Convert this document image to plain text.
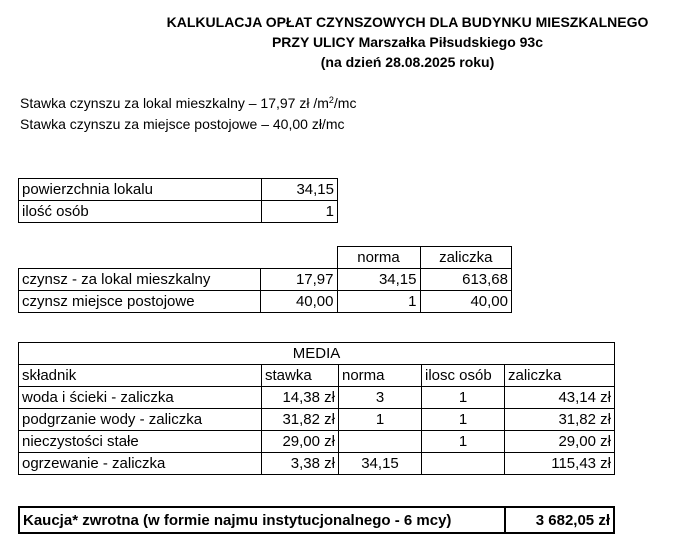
KALKULACJA OPŁAT CZYNSZOWYCH DLA BUDYNKU MIESZKALNEGO
PRZY ULICY Marszałka Piłsudskiego 93c
(na dzień 28.08.2025 roku)
Stawka czynszu za lokal mieszkalny – 17,97 zł $/m^2/mc$
Stawka czynszu za miejsce postojowe – 40,00 zł/mc
powierzchnia lokalu	34,15
ilość osób	1
		norma	zaliczka
czynsz - za lokal mieszkalny	17,97	34,15	613,68
czynsz miejsce postojowe	40,00	1	40,00
MEDIA				
składnik	stawka	norma	ilosc osób	zaliczka
woda i ścieki - zaliczka	14,38 zł	3	1	43,14 zł
podgrzanie wody - zaliczka	31,82 zł	1	1	31,82 zł
nieczystości stałe	29,00 zł		1	29,00 zł
ogrzewanie - zaliczka	3,38 zł	34,15		115,43 zł
Kaucja* zwrotna (w formie najmu instytucjonalnego - 6 mcy)	3 682,05 zł
